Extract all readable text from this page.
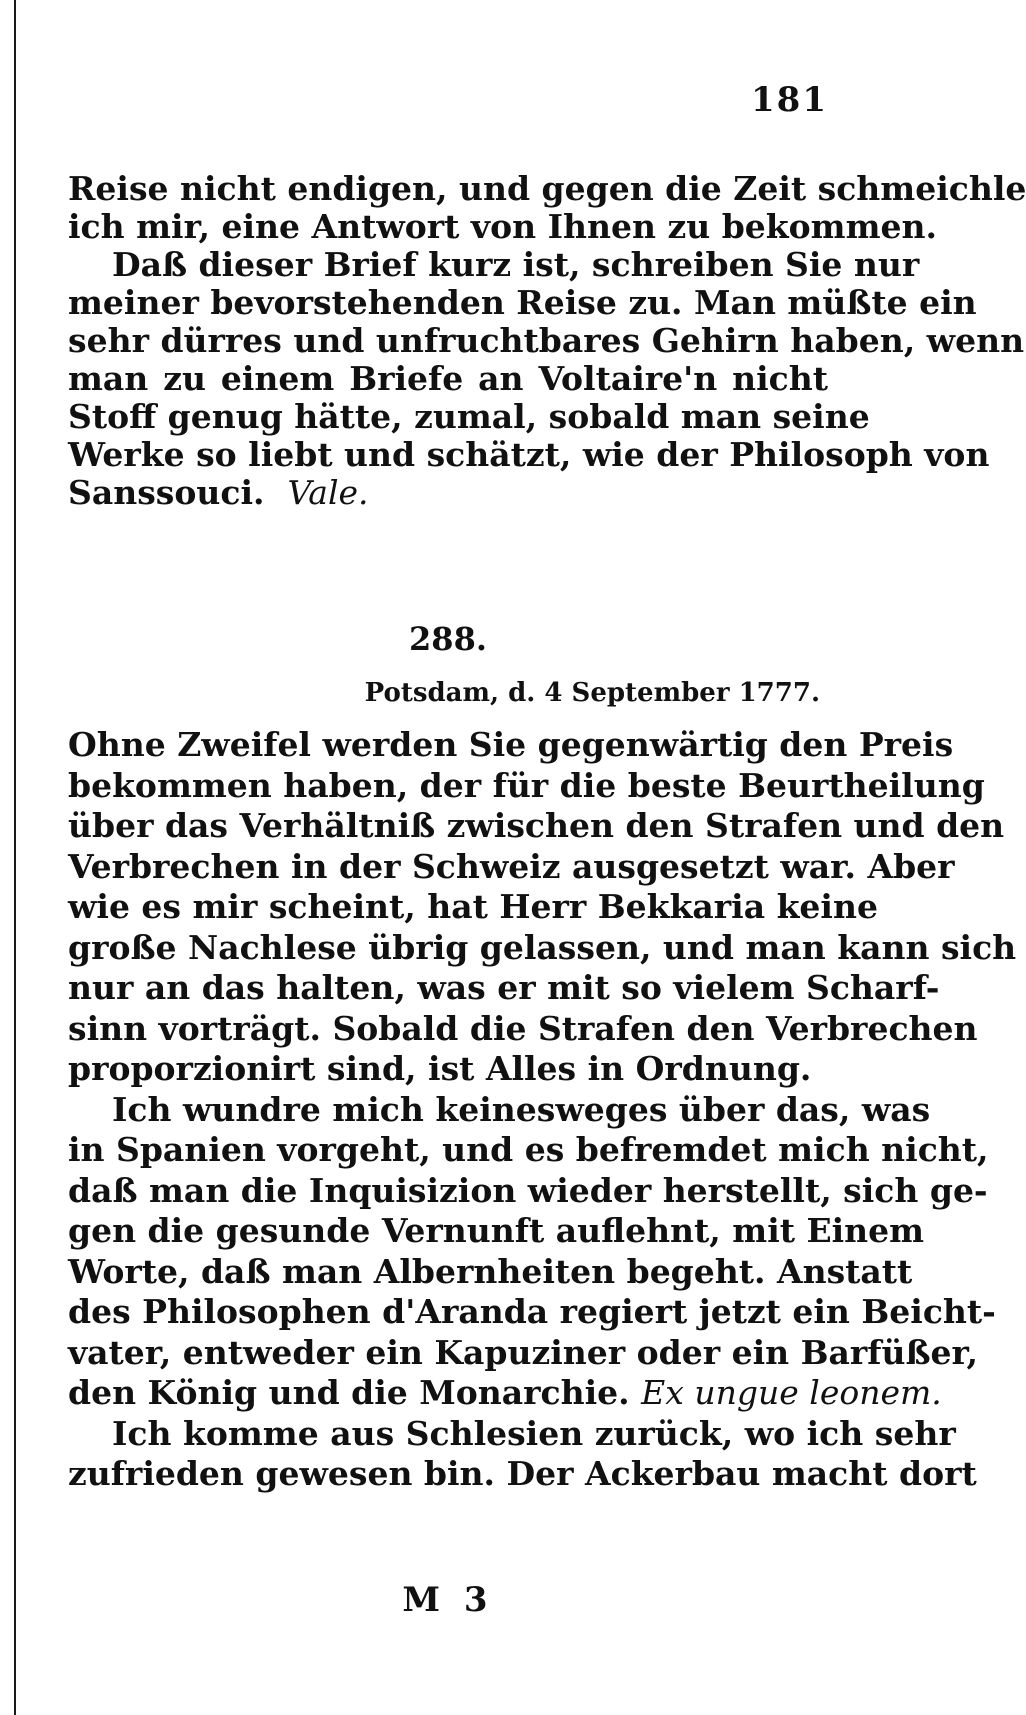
181
Reise nicht endigen, und gegen die Zeit schmeichle
ich mir, eine Antwort von Ihnen zu bekommen.
Daß dieser Brief kurz ist, schreiben Sie nur
meiner bevorstehenden Reise zu. Man müßte ein
sehr dürres und unfruchtbares Gehirn haben, wenn
man zu einem Briefe an Voltaire'n nicht
Stoff genug hätte, zumal, sobald man seine
Werke so liebt und schätzt, wie der Philosoph von
Sanssouci. Vale.
288.
Potsdam, d. 4 September 1777.
Ohne Zweifel werden Sie gegenwärtig den Preis
bekommen haben, der für die beste Beurtheilung
über das Verhältniß zwischen den Strafen und den
Verbrechen in der Schweiz ausgesetzt war. Aber
wie es mir scheint, hat Herr Bekkaria keine
große Nachlese übrig gelassen, und man kann sich
nur an das halten, was er mit so vielem Scharf-
sinn vorträgt. Sobald die Strafen den Verbrechen
proporzionirt sind, ist Alles in Ordnung.
Ich wundre mich keinesweges über das, was
in Spanien vorgeht, und es befremdet mich nicht,
daß man die Inquisizion wieder herstellt, sich ge-
gen die gesunde Vernunft auflehnt, mit Einem
Worte, daß man Albernheiten begeht. Anstatt
des Philosophen d'Aranda regiert jetzt ein Beicht-
vater, entweder ein Kapuziner oder ein Barfüßer,
den König und die Monarchie. Ex ungue leonem.
Ich komme aus Schlesien zurück, wo ich sehr
zufrieden gewesen bin. Der Ackerbau macht dort
M 3
